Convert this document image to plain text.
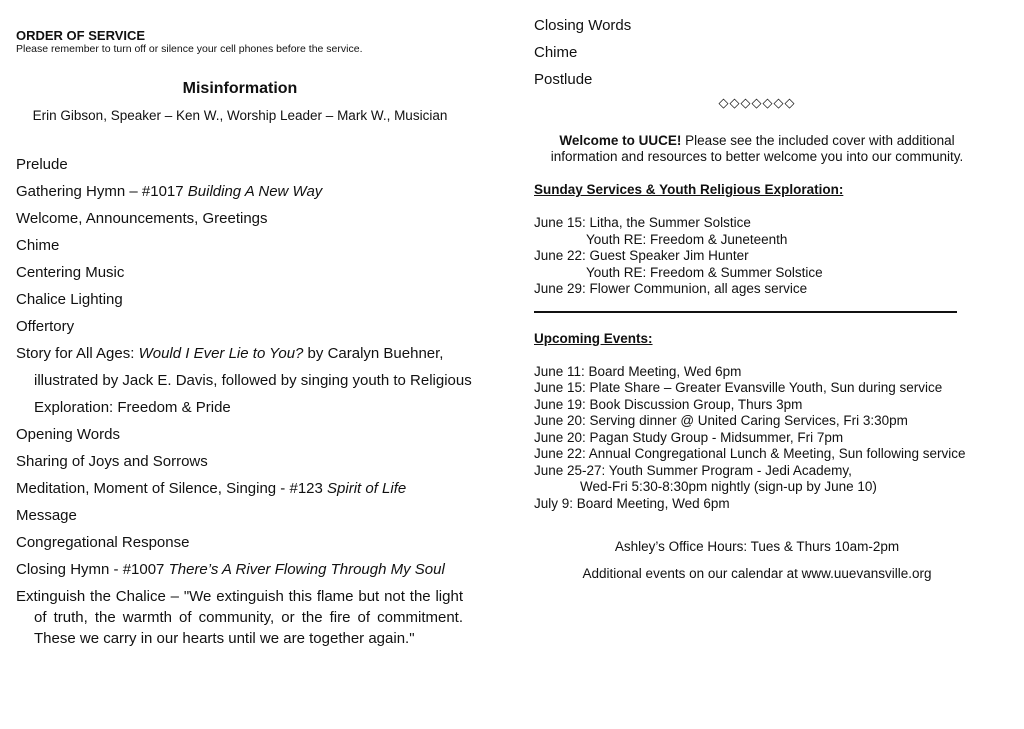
ORDER OF SERVICE

Please remember to turn off or silence your cell phones before the service.

Misinformation
Erin Gibson, Speaker – Ken W., Worship Leader – Mark W., Musician
Prelude
Gathering Hymn – #1017 Building A New Way
Welcome, Announcements, Greetings
Chime
Centering Music
Chalice Lighting
Offertory
Story for All Ages: Would I Ever Lie to You? by Caralyn Buehner,
illustrated by Jack E. Davis, followed by singing youth to Religious
Exploration: Freedom & Pride
Opening Words
Sharing of Joys and Sorrows
Meditation, Moment of Silence, Singing - #123 Spirit of Life
Message
Congregational Response
Closing Hymn - #1007 There’s A River Flowing Through My Soul
Extinguish the Chalice – "We extinguish this flame but not the light of truth, the warmth of community, or the fire of commitment. These we carry in our hearts until we are together again."
Closing Words
Chime
Postlude
◇◇◇◇◇◇◇
Welcome to UUCE! Please see the included cover with additional information and resources to better welcome you into our community.
Sunday Services & Youth Religious Exploration:
June 15: Litha, the Summer Solstice
Youth RE: Freedom & Juneteenth
June 22: Guest Speaker Jim Hunter
Youth RE: Freedom & Summer Solstice
June 29: Flower Communion, all ages service
Upcoming Events:
June 11: Board Meeting, Wed 6pm
June 15: Plate Share – Greater Evansville Youth, Sun during service
June 19: Book Discussion Group, Thurs 3pm
June 20: Serving dinner @ United Caring Services, Fri 3:30pm
June 20: Pagan Study Group - Midsummer, Fri 7pm
June 22: Annual Congregational Lunch & Meeting, Sun following service
June 25-27: Youth Summer Program - Jedi Academy,
Wed-Fri 5:30-8:30pm nightly (sign-up by June 10)
July 9: Board Meeting, Wed 6pm
Ashley’s Office Hours: Tues & Thurs 10am-2pm
Additional events on our calendar at www.uuevansville.org
